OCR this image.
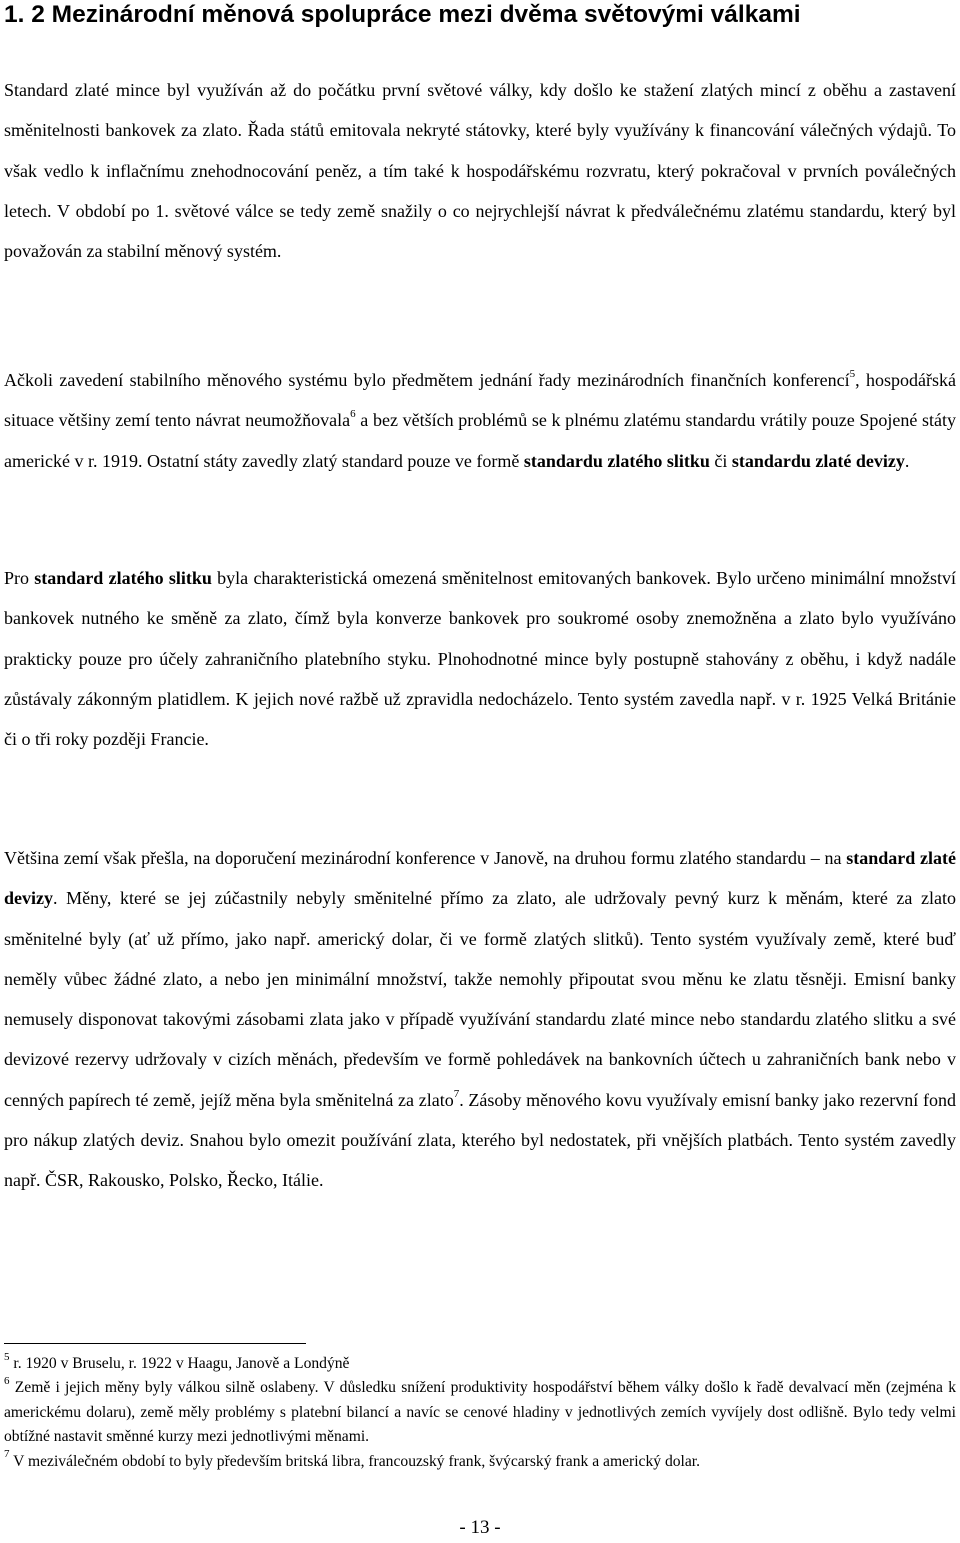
1. 2 Mezinárodní měnová spolupráce mezi dvěma světovými válkami

Standard zlaté mince byl využíván až do počátku první světové války, kdy došlo ke stažení zlatých mincí z oběhu a zastavení směnitelnosti bankovek za zlato. Řada států emitovala nekryté státovky, které byly využívány k financování válečných výdajů. To však vedlo k inflačnímu znehodnocování peněz, a tím také k hospodářskému rozvratu, který pokračoval v prvních poválečných letech. V období po 1. světové válce se tedy země snažily o co nejrychlejší návrat k předválečnému zlatému standardu, který byl považován za stabilní měnový systém.

Ačkoli zavedení stabilního měnového systému bylo předmětem jednání řady mezinárodních finančních konferencí$^5$, hospodářská situace většiny zemí tento návrat neumožňovala$^6$ a bez větších problémů se k plnému zlatému standardu vrátily pouze Spojené státy americké v r. 1919. Ostatní státy zavedly zlatý standard pouze ve formě standardu zlatého slitku či standardu zlaté devizy.

Pro standard zlatého slitku byla charakteristická omezená směnitelnost emitovaných bankovek. Bylo určeno minimální množství bankovek nutného ke směně za zlato, čímž byla konverze bankovek pro soukromé osoby znemožněna a zlato bylo využíváno prakticky pouze pro účely zahraničního platebního styku. Plnohodnotné mince byly postupně stahovány z oběhu, i když nadále zůstávaly zákonným platidlem. K jejich nové ražbě už zpravidla nedocházelo. Tento systém zavedla např. v r. 1925 Velká Británie či o tři roky později Francie.

Většina zemí však přešla, na doporučení mezinárodní konference v Janově, na druhou formu zlatého standardu – na standard zlaté devizy. Měny, které se jej zúčastnily nebyly směnitelné přímo za zlato, ale udržovaly pevný kurz k měnám, které za zlato směnitelné byly (ať už přímo, jako např. americký dolar, či ve formě zlatých slitků). Tento systém využívaly země, které buď neměly vůbec žádné zlato, a nebo jen minimální množství, takže nemohly připoutat svou měnu ke zlatu těsněji. Emisní banky nemusely disponovat takovými zásobami zlata jako v případě využívání standardu zlaté mince nebo standardu zlatého slitku a své devizové rezervy udržovaly v cizích měnách, především ve formě pohledávek na bankovních účtech u zahraničních bank nebo v cenných papírech té země, jejíž měna byla směnitelná za zlato$^7$. Zásoby měnového kovu využívaly emisní banky jako rezervní fond pro nákup zlatých deviz. Snahou bylo omezit používání zlata, kterého byl nedostatek, při vnějších platbách. Tento systém zavedly např. ČSR, Rakousko, Polsko, Řecko, Itálie.

$^5$ r. 1920 v Bruselu, r. 1922 v Haagu, Janově a Londýně

$^6$ Země i jejich měny byly válkou silně oslabeny. V důsledku snížení produktivity hospodářství během války došlo k řadě devalvací měn (zejména k americkému dolaru), země měly problémy s platební bilancí a navíc se cenové hladiny v jednotlivých zemích vyvíjely dost odlišně. Bylo tedy velmi obtížné nastavit směnné kurzy mezi jednotlivými měnami.

$^7$ V meziválečném období to byly především britská libra, francouzský frank, švýcarský frank a americký dolar.

- 13 -
